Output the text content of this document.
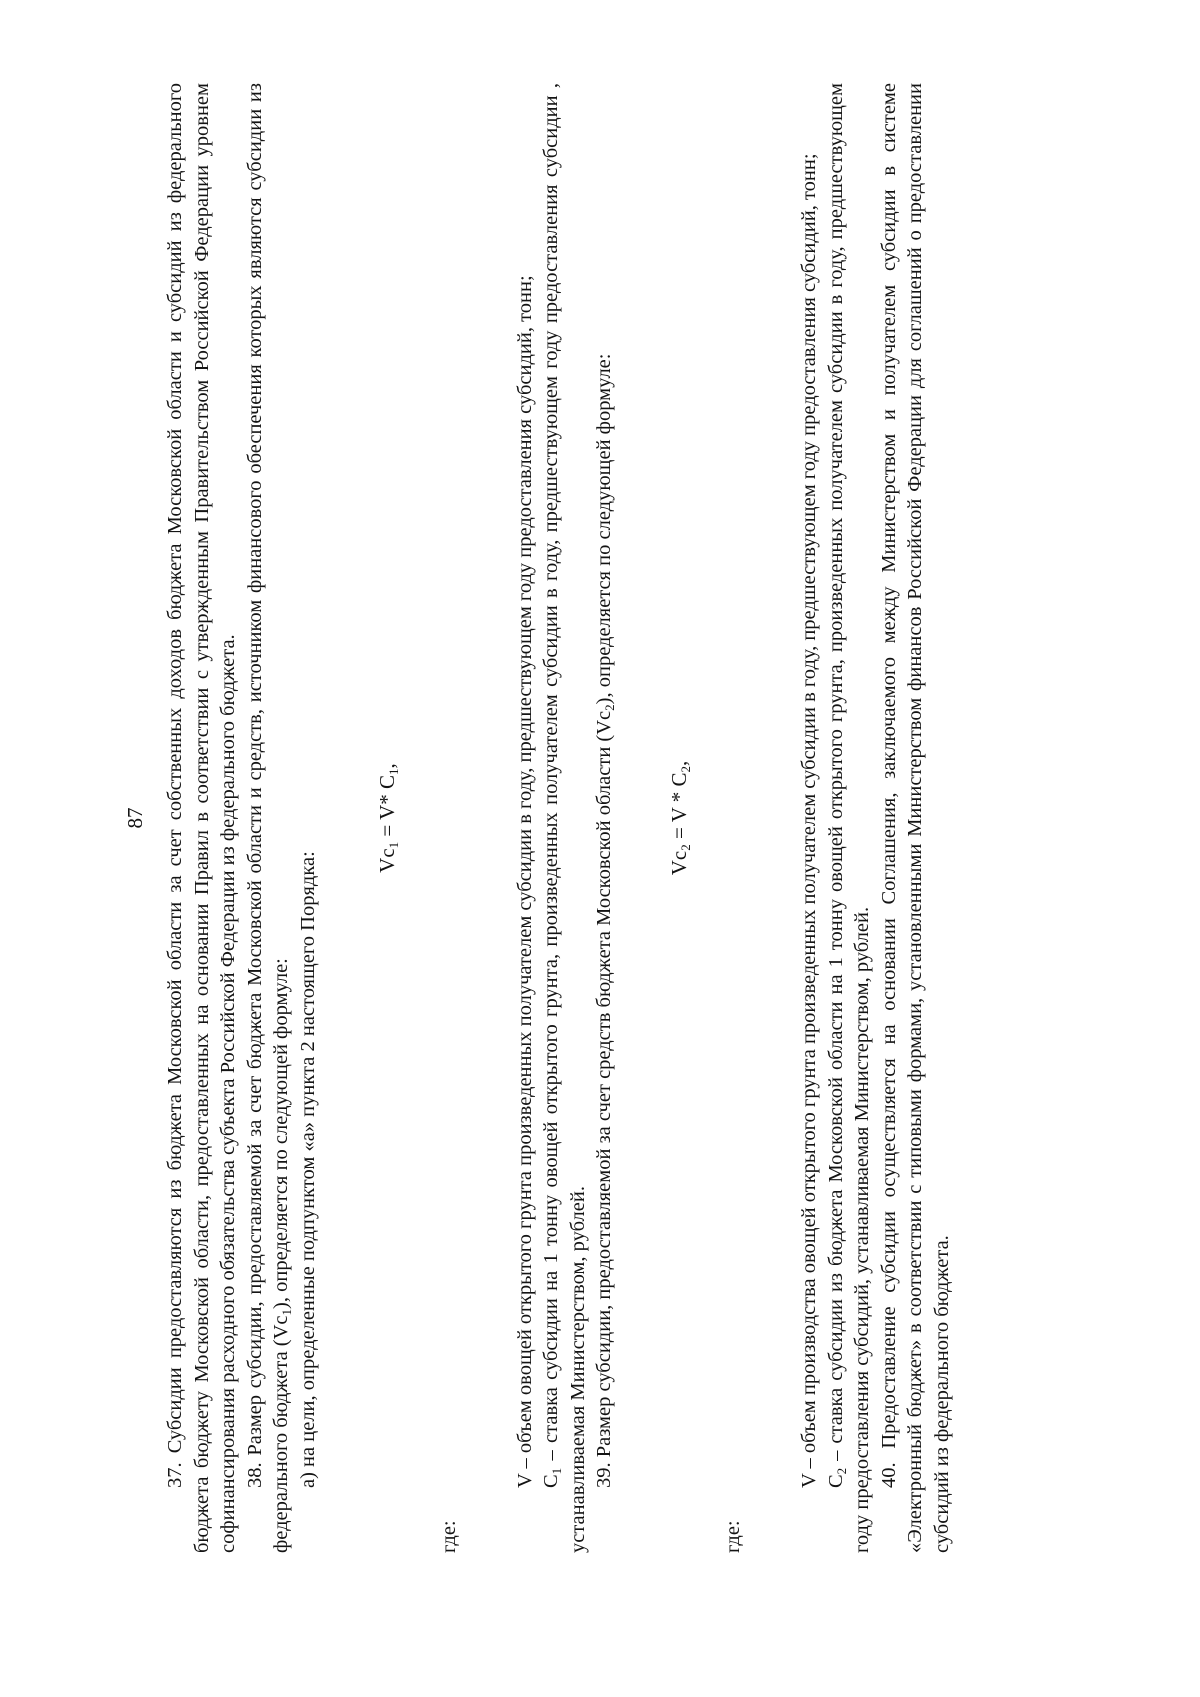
87 37. Субсидии предоставляются из бюджета Московской области за счет собственных доходов бюджета Московской области и субсидий из федерального бюджета бюджету Московской области, предоставленных на основании Правил в соответствии с утвержденным Правительством Российской Федерации уровнем софинансирования расходного обязательства субъекта Российской Федерации из федерального бюджета. 38. Размер субсидии, предоставляемой за счет бюджета Московской области и средств, источником финансового обеспечения которых являются субсидии из федерального бюджета $(Vc_1)$, определяется по следующей формуле: а) на цели, определенные подпунктом «а» пункта 2 настоящего Порядка:	$Vc_1 = V*$ $C_1$,
где:

V – объем овощей открытого грунта произведенных получателем субсидии в году, предшествующем году предоставления субсидий, тонн; $С_1$ – ставка субсидии на 1 тонну овощей открытого грунта, произведенных получателем субсидии в году, предшествующем году предоставления субсидии , устанавливаемая Министерством, рублей. 39. Размер субсидии, предоставляемой за счет средств бюджета Московской области $(Vc_2)$, определяется по следующей формуле:

$Vc_2 = V * C_2$,
где:

V – объем производства овощей открытого грунта произведенных получателем субсидии в году, предшествующем году предоставления субсидий, тонн; $С_2$ – ставка субсидии из бюджета Московской области на 1 тонну овощей открытого грунта, произведенных получателем субсидии в году, предшествующем году предоставления субсидий, устанавливаемая Министерством, рублей. 40. Предоставление субсидии осуществляется на основании Соглашения, заключаемого между Министерством и получателем субсидии в системе «Электронный бюджет» в соответствии с типовыми формами, установленными Министерством финансов Российской Федерации для соглашений о предоставлении субсидий из федерального бюджета.
